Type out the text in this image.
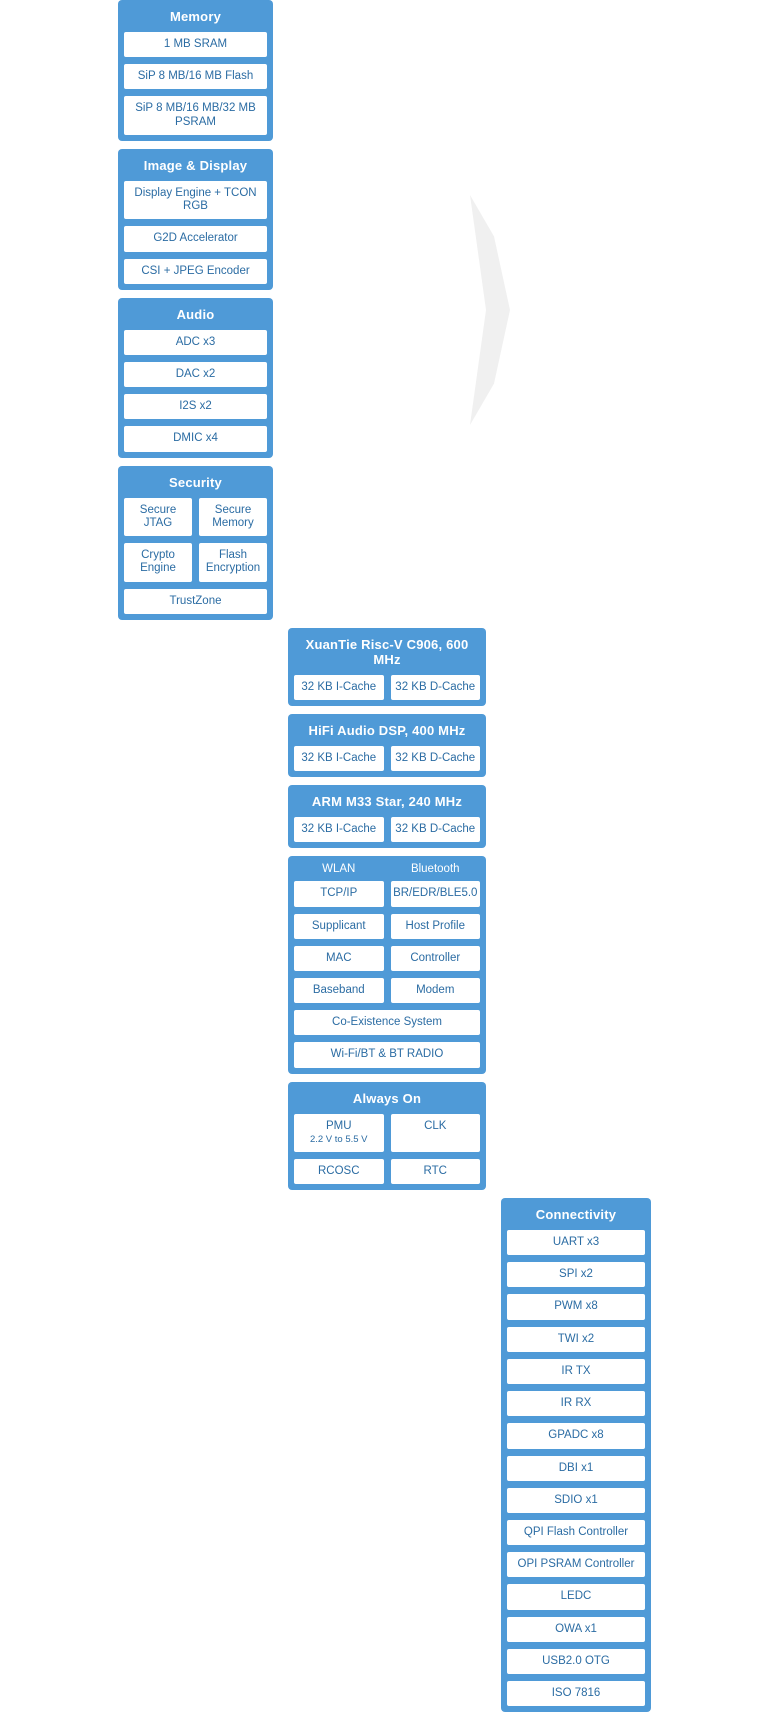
Memory
1 MB SRAM
SiP 8 MB/16 MB Flash
SiP 8 MB/16 MB/32 MB PSRAM
Image & Display
Display Engine + TCON RGB
G2D Accelerator
CSI + JPEG Encoder
Audio
ADC x3
DAC x2
I2S x2
DMIC x4
Security
Secure JTAG
Secure Memory
Crypto Engine
Flash Encryption
TrustZone
XuanTie Risc-V C906, 600 MHz
32 KB I-Cache	32 KB D-Cache
HiFi Audio DSP, 400 MHz
32 KB I-Cache	32 KB D-Cache
ARM M33 Star, 240 MHz
32 KB I-Cache	32 KB D-Cache
WLAN	Bluetooth
TCP/IP	BR/EDR/BLE5.0
Supplicant	Host Profile
MAC	Controller
Baseband	Modem
Co-Existence System
Wi-Fi/BT & BT RADIO
Always On
PMU
2.2 V to 5.5 V
CLK
RCOSC	RTC
Connectivity
UART x3
SPI x2
PWM x8
TWI x2
IR TX
IR RX
GPADC x8
DBI x1
SDIO x1
QPI Flash Controller
OPI PSRAM Controller
LEDC
OWA x1
USB2.0 OTG
ISO 7816
